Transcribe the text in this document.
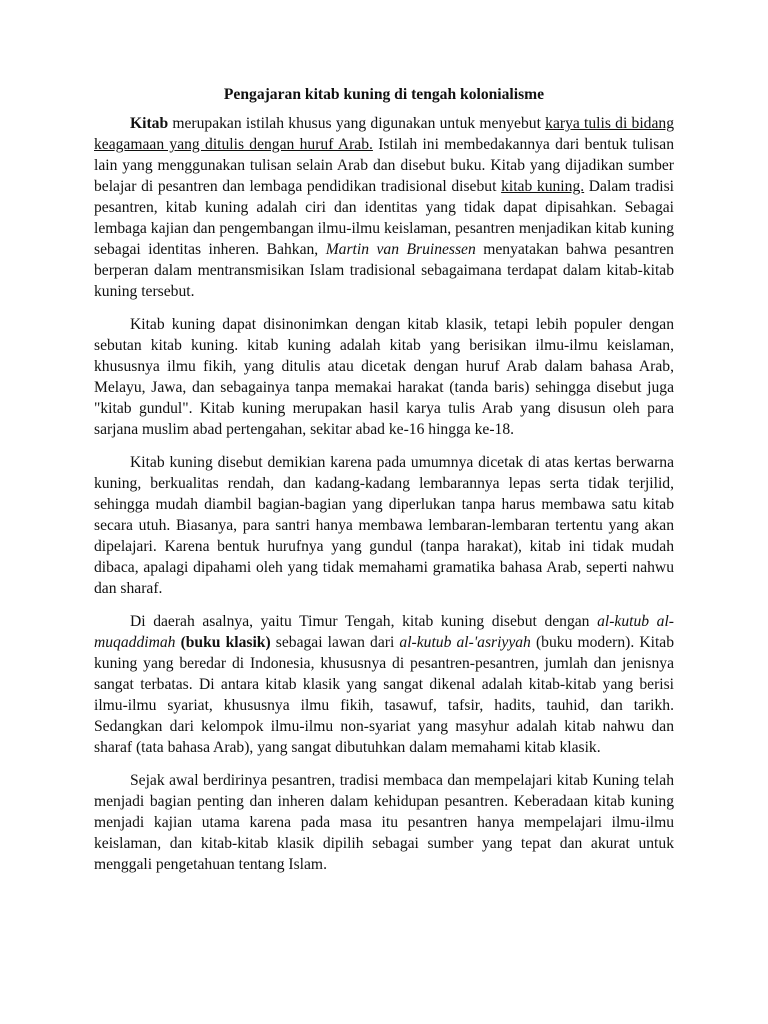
Pengajaran kitab kuning di tengah kolonialisme

Kitab merupakan istilah khusus yang digunakan untuk menyebut karya tulis di bidang keagamaan yang ditulis dengan huruf Arab. Istilah ini membedakannya dari bentuk tulisan lain yang menggunakan tulisan selain Arab dan disebut buku. Kitab yang dijadikan sumber belajar di pesantren dan lembaga pendidikan tradisional disebut kitab kuning. Dalam tradisi pesantren, kitab kuning adalah ciri dan identitas yang tidak dapat dipisahkan. Sebagai lembaga kajian dan pengembangan ilmu-ilmu keislaman, pesantren menjadikan kitab kuning sebagai identitas inheren. Bahkan, Martin van Bruinessen menyatakan bahwa pesantren berperan dalam mentransmisikan Islam tradisional sebagaimana terdapat dalam kitab-kitab kuning tersebut.

Kitab kuning dapat disinonimkan dengan kitab klasik, tetapi lebih populer dengan sebutan kitab kuning. kitab kuning adalah kitab yang berisikan ilmu-ilmu keislaman, khususnya ilmu fikih, yang ditulis atau dicetak dengan huruf Arab dalam bahasa Arab, Melayu, Jawa, dan sebagainya tanpa memakai harakat (tanda baris) sehingga disebut juga "kitab gundul". Kitab kuning merupakan hasil karya tulis Arab yang disusun oleh para sarjana muslim abad pertengahan, sekitar abad ke-16 hingga ke-18.

Kitab kuning disebut demikian karena pada umumnya dicetak di atas kertas berwarna kuning, berkualitas rendah, dan kadang-kadang lembarannya lepas serta tidak terjilid, sehingga mudah diambil bagian-bagian yang diperlukan tanpa harus membawa satu kitab secara utuh. Biasanya, para santri hanya membawa lembaran-lembaran tertentu yang akan dipelajari. Karena bentuk hurufnya yang gundul (tanpa harakat), kitab ini tidak mudah dibaca, apalagi dipahami oleh yang tidak memahami gramatika bahasa Arab, seperti nahwu dan sharaf.

Di daerah asalnya, yaitu Timur Tengah, kitab kuning disebut dengan al-kutub al-muqaddimah (buku klasik) sebagai lawan dari al-kutub al-'asriyyah (buku modern). Kitab kuning yang beredar di Indonesia, khususnya di pesantren-pesantren, jumlah dan jenisnya sangat terbatas. Di antara kitab klasik yang sangat dikenal adalah kitab-kitab yang berisi ilmu-ilmu syariat, khususnya ilmu fikih, tasawuf, tafsir, hadits, tauhid, dan tarikh. Sedangkan dari kelompok ilmu-ilmu non-syariat yang masyhur adalah kitab nahwu dan sharaf (tata bahasa Arab), yang sangat dibutuhkan dalam memahami kitab klasik.

Sejak awal berdirinya pesantren, tradisi membaca dan mempelajari kitab Kuning telah menjadi bagian penting dan inheren dalam kehidupan pesantren. Keberadaan kitab kuning menjadi kajian utama karena pada masa itu pesantren hanya mempelajari ilmu-ilmu keislaman, dan kitab-kitab klasik dipilih sebagai sumber yang tepat dan akurat untuk menggali pengetahuan tentang Islam.
